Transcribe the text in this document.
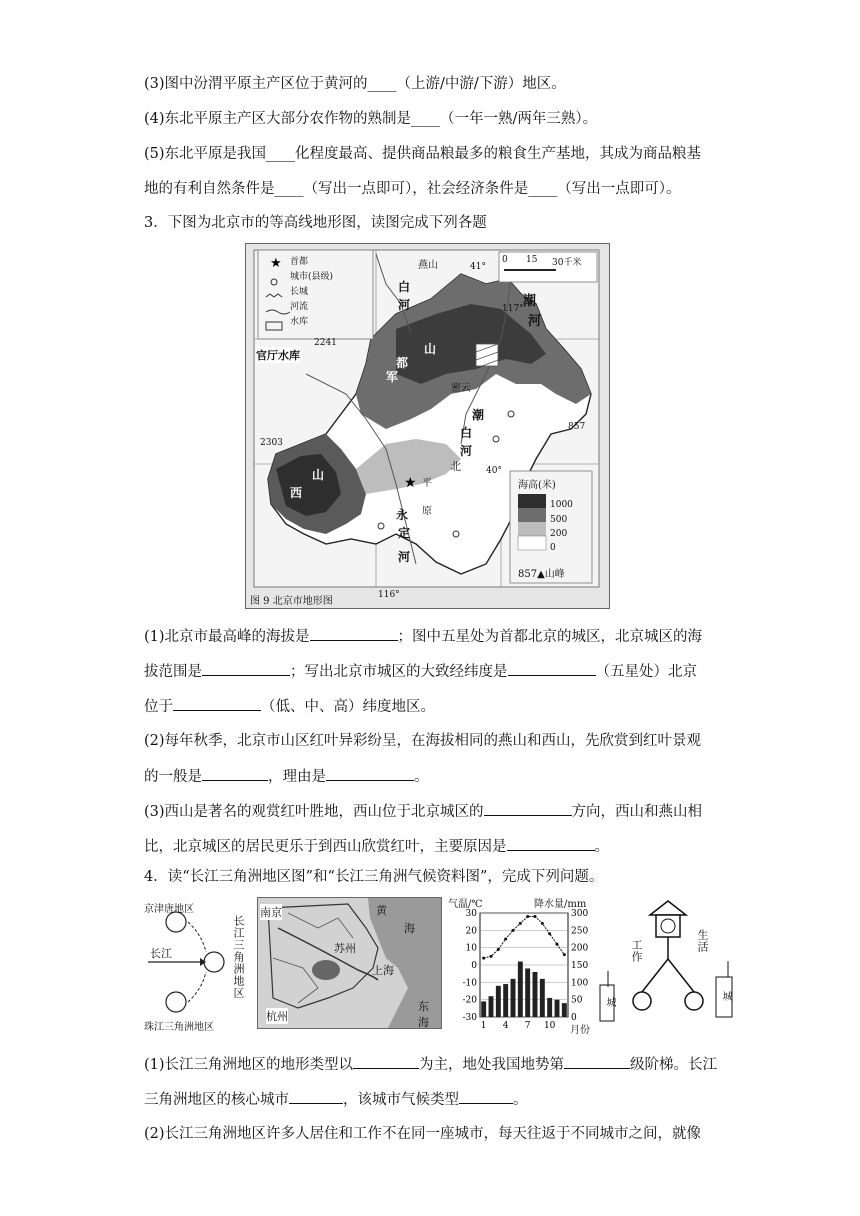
(3)图中汾渭平原主产区位于黄河的____（上游/中游/下游）地区。
(4)东北平原主产区大部分农作物的熟制是____（一年一熟/两年三熟）。
(5)东北平原是我国____化程度最高、提供商品粮最多的粮食生产基地，其成为商品粮基
地的有利自然条件是____（写出一点即可），社会经济条件是____（写出一点即可）。
3．下图为北京市的等高线地形图，读图完成下列各题
★
★
首都
城市(县级)
长城
河流
水库
0 15 30千米
海高(米)
1000
500
200
0
857▲山峰
官厅水库
燕山
白
河	潮
河
都
山
军
密云
西
山
潮
白
河
北
平
永
定
河
原
41°
40°
117°
116°
2241
2303
857
图 9 北京市地形图
(1)北京市最高峰的海拔是	；图中五星处为首都北京的城区，北京城区的海
拔范围是	；写出北京市城区的大致经纬度是	（五星处）北京
位于	（低、中、高）纬度地区。
(2)每年秋季，北京市山区红叶异彩纷呈，在海拔相同的燕山和西山，先欣赏到红叶景观
的一般是	，理由是	。
(3)西山是著名的观赏红叶胜地，西山位于北京城区的	方向，西山和燕山相
比，北京城区的居民更乐于到西山欣赏红叶，主要原因是	。
4．读“长江三角洲地区图”和“长江三角洲气候资料图”，完成下列问题。
京津唐地区
长江
珠江三角洲地区
长江三角洲地区
南京	黄
海
苏州
上海
杭州
东
海
30	300
20	250
10	200
0	150
-10	100
-20	50
-30	0
1 4 7 10
气温/℃	降水量/mm
月份
工作	生活
城
城
(1)长江三角洲地区的地形类型以	为主，地处我国地势第	级阶梯。长江
三角洲地区的核心城市	，该城市气候类型	。
(2)长江三角洲地区许多人居住和工作不在同一座城市，每天往返于不同城市之间，就像
